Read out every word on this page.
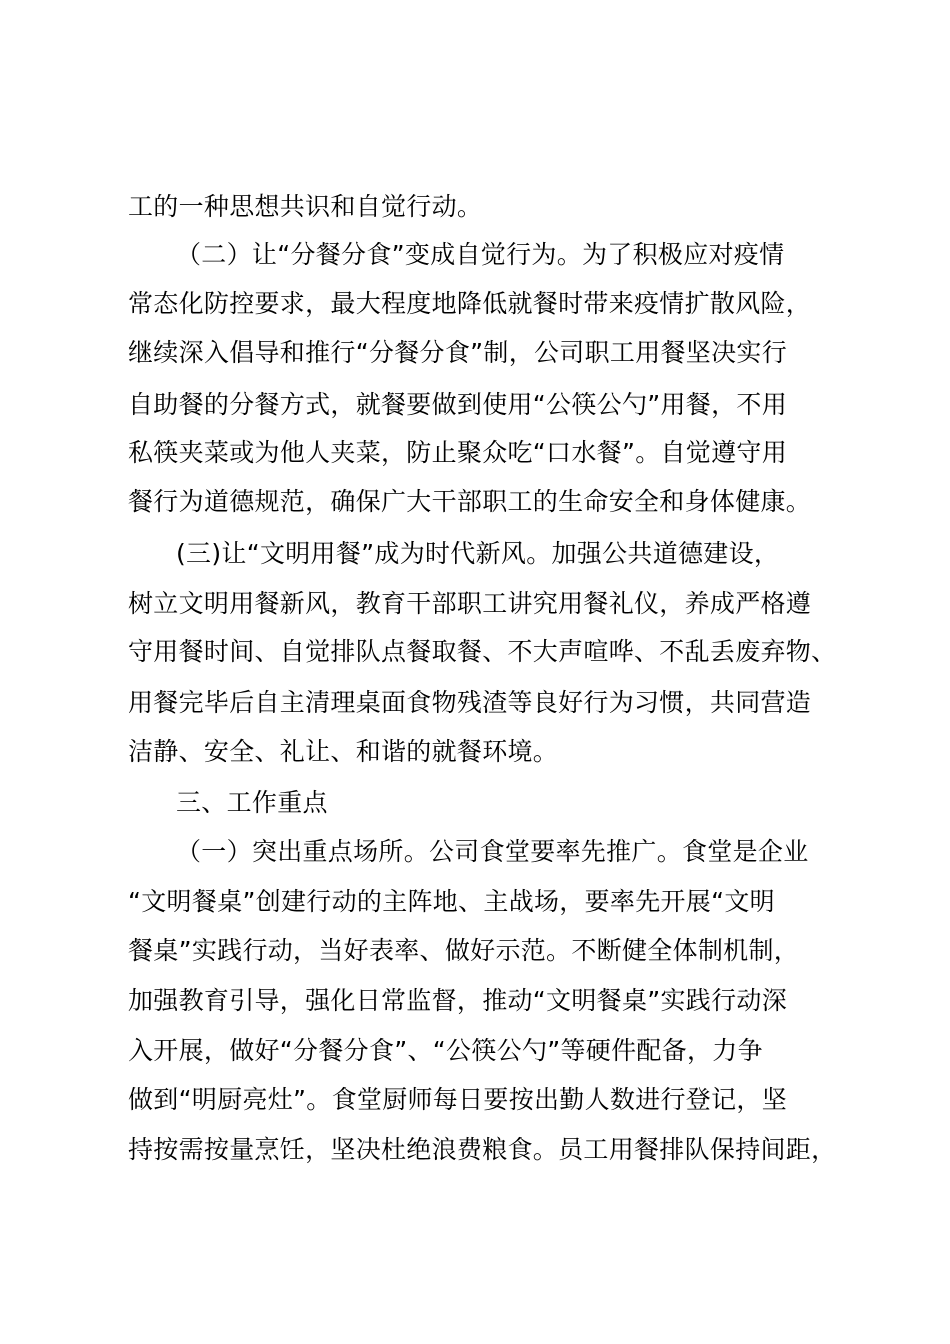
工的一种思想共识和自觉行动。
（二）让“分餐分食”变成自觉行为。为了积极应对疫情
常态化防控要求，最大程度地降低就餐时带来疫情扩散风险，
继续深入倡导和推行“分餐分食”制，公司职工用餐坚决实行
自助餐的分餐方式，就餐要做到使用“公筷公勺”用餐，不用
私筷夹菜或为他人夹菜，防止聚众吃“口水餐”。自觉遵守用
餐行为道德规范，确保广大干部职工的生命安全和身体健康。
(三)让“文明用餐”成为时代新风。加强公共道德建设，
树立文明用餐新风，教育干部职工讲究用餐礼仪，养成严格遵
守用餐时间、自觉排队点餐取餐、不大声喧哗、不乱丢废弃物、
用餐完毕后自主清理桌面食物残渣等良好行为习惯，共同营造
洁静、安全、礼让、和谐的就餐环境。
三、工作重点
（一）突出重点场所。公司食堂要率先推广。食堂是企业
“文明餐桌”创建行动的主阵地、主战场，要率先开展“文明
餐桌”实践行动，当好表率、做好示范。不断健全体制机制，
加强教育引导，强化日常监督，推动“文明餐桌”实践行动深
入开展，做好“分餐分食”、“公筷公勺”等硬件配备，力争
做到“明厨亮灶”。食堂厨师每日要按出勤人数进行登记，坚
持按需按量烹饪，坚决杜绝浪费粮食。员工用餐排队保持间距，
